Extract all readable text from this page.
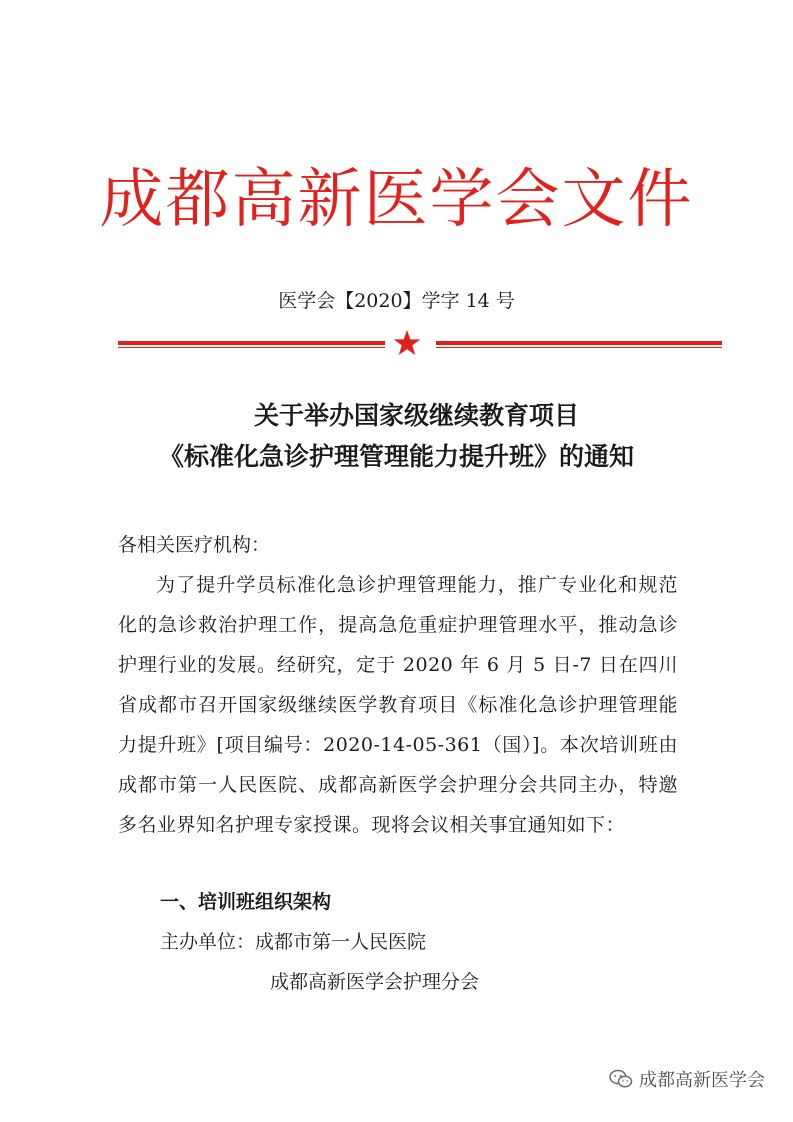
成都高新医学会文件
医学会【2020】学字 14 号
关于举办国家级继续教育项目
《标准化急诊护理管理能力提升班》的通知
各相关医疗机构：
为了提升学员标准化急诊护理管理能力，推广专业化和规范化的急诊救治护理工作，提高急危重症护理管理水平，推动急诊护理行业的发展。经研究，定于 2020 年 6 月 5 日-7 日在四川省成都市召开国家级继续医学教育项目《标准化急诊护理管理能力提升班》[项目编号：2020-14-05-361（国）]。本次培训班由成都市第一人民医院、成都高新医学会护理分会共同主办，特邀多名业界知名护理专家授课。现将会议相关事宜通知如下：
一、培训班组织架构
主办单位：成都市第一人民医院
成都高新医学会护理分会
成都高新医学会
